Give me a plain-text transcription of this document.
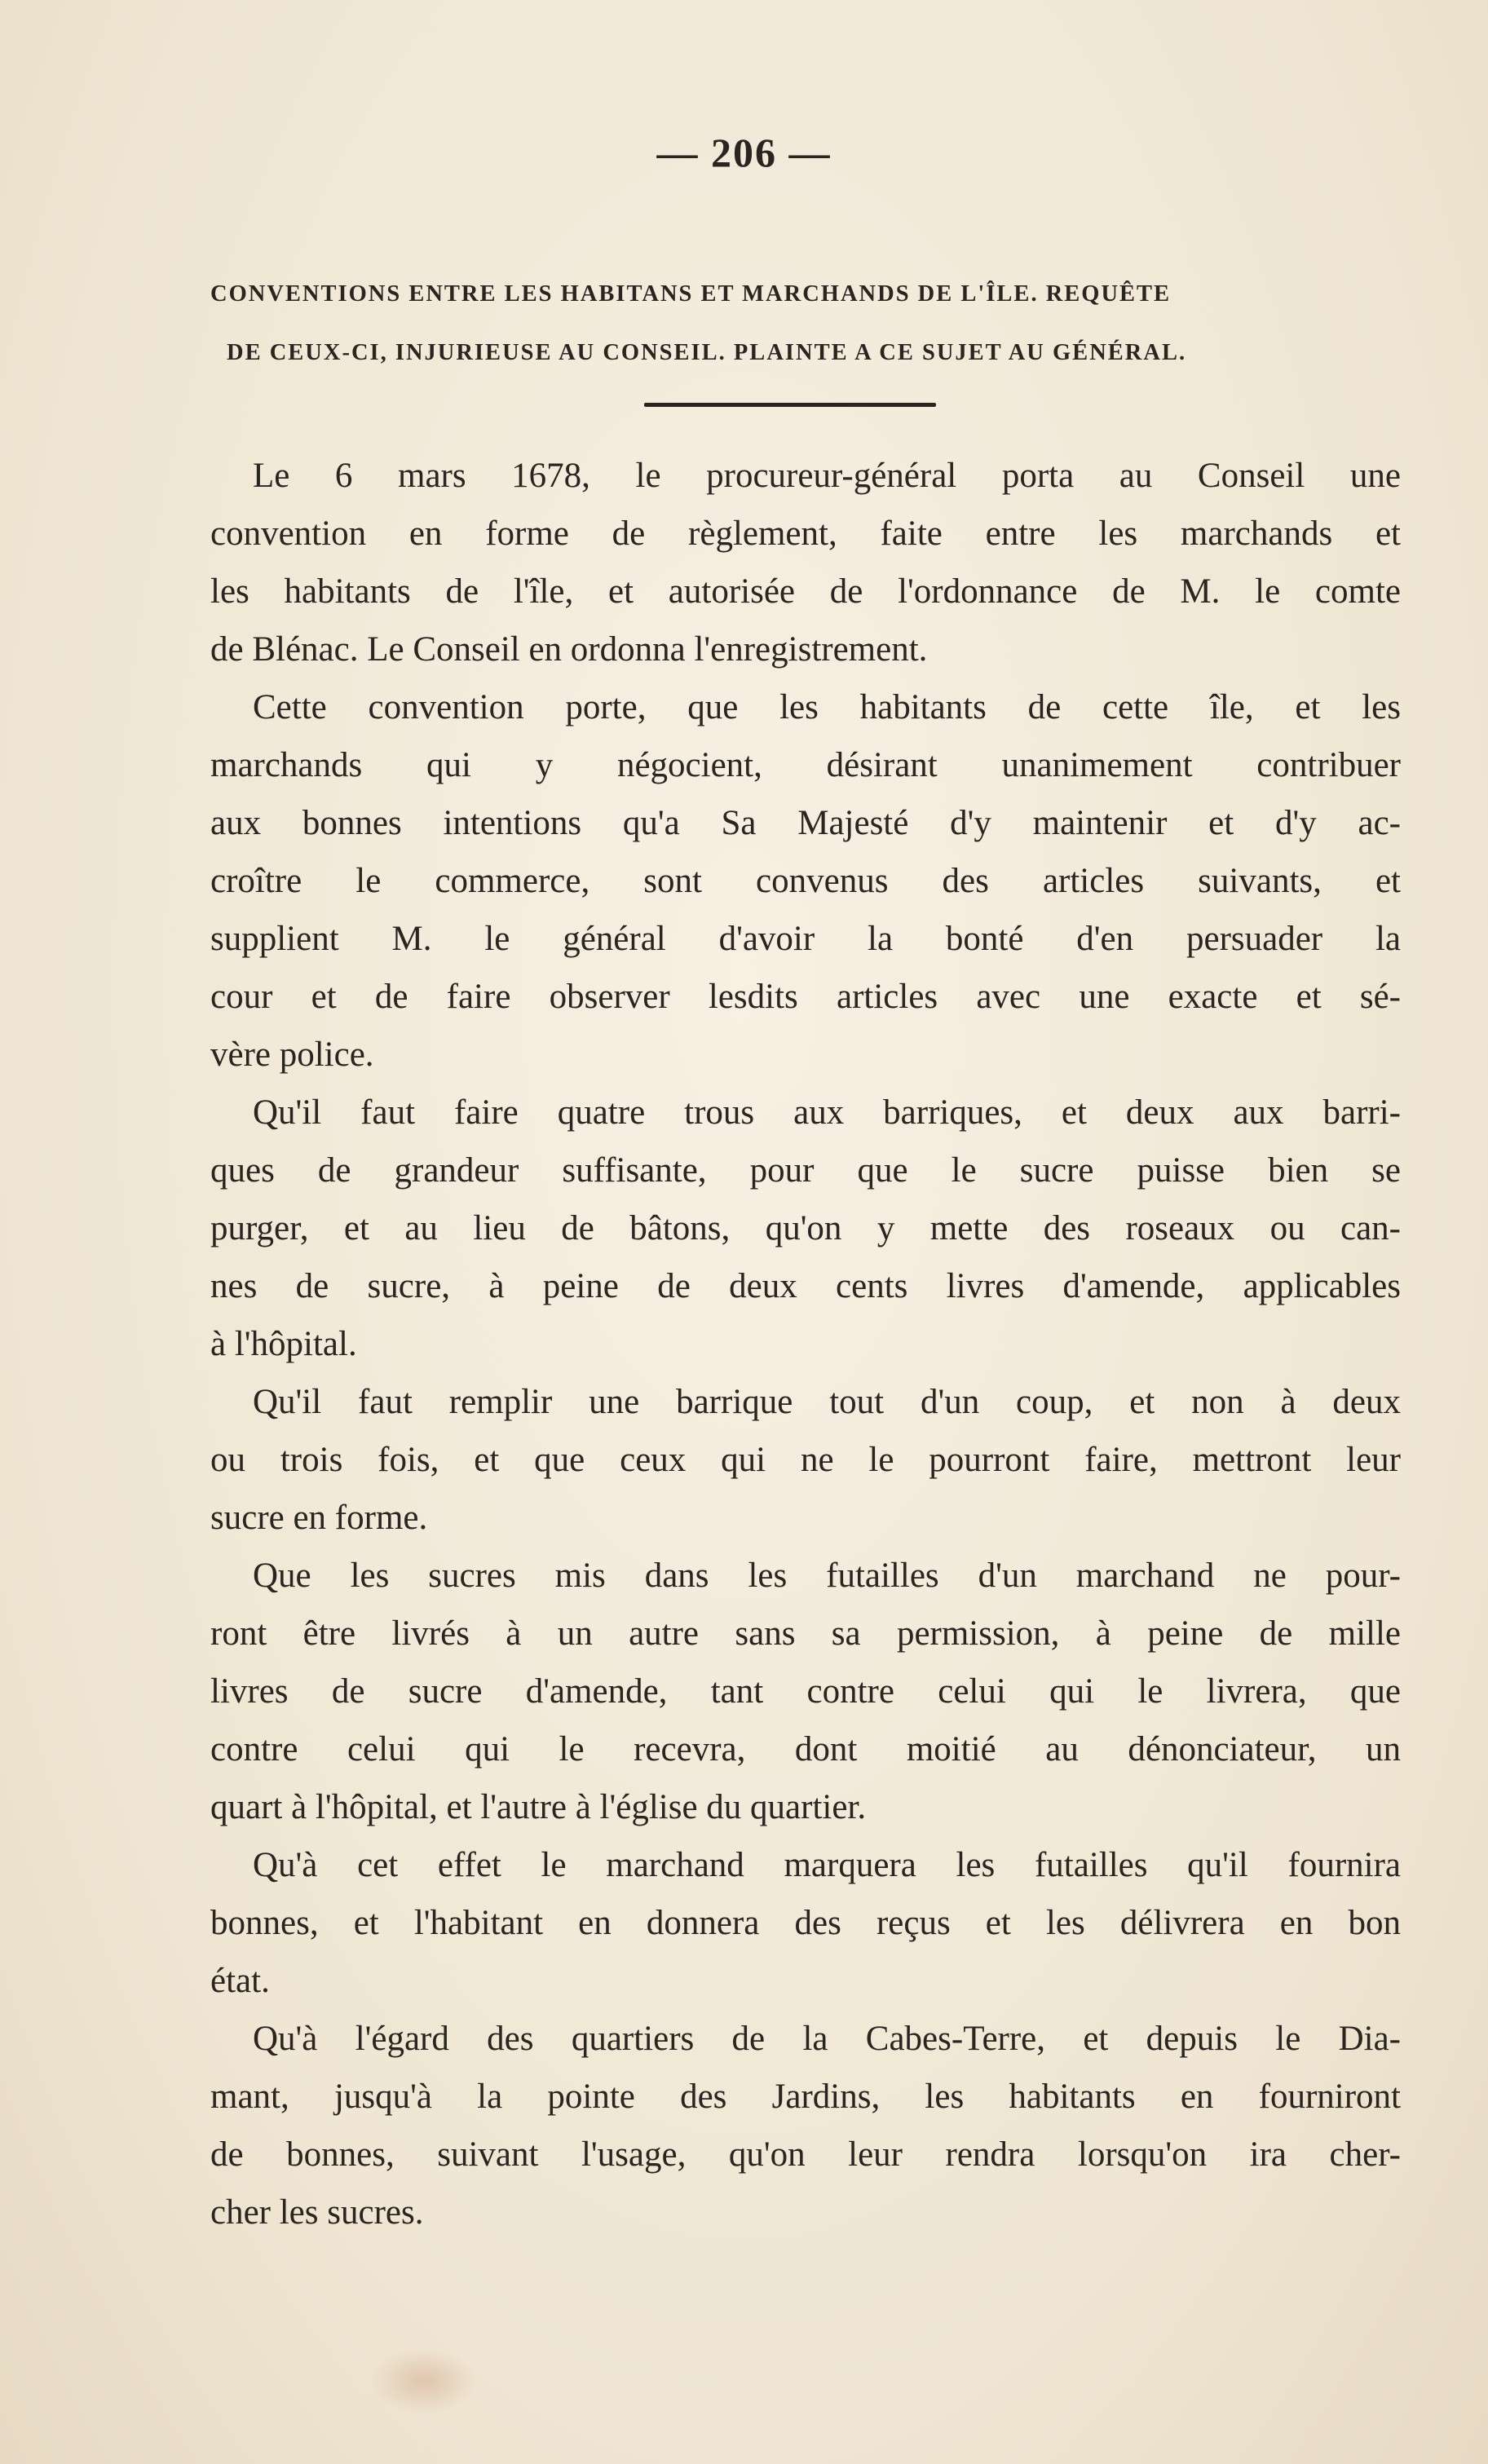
— 206 —
CONVENTIONS ENTRE LES HABITANS ET MARCHANDS DE L'ÎLE. REQUÊTE
DE CEUX-CI, INJURIEUSE AU CONSEIL. PLAINTE A CE SUJET AU GÉNÉRAL.
Le 6 mars 1678, le procureur-général porta au Conseil une
convention en forme de règlement, faite entre les marchands et
les habitants de l'île, et autorisée de l'ordonnance de M. le comte
de Blénac. Le Conseil en ordonna l'enregistrement.
Cette convention porte, que les habitants de cette île, et les
marchands qui y négocient, désirant unanimement contribuer
aux bonnes intentions qu'a Sa Majesté d'y maintenir et d'y ac-
croître le commerce, sont convenus des articles suivants, et
supplient M. le général d'avoir la bonté d'en persuader la
cour et de faire observer lesdits articles avec une exacte et sé-
vère police.
Qu'il faut faire quatre trous aux barriques, et deux aux barri-
ques de grandeur suffisante, pour que le sucre puisse bien se
purger, et au lieu de bâtons, qu'on y mette des roseaux ou can-
nes de sucre, à peine de deux cents livres d'amende, applicables
à l'hôpital.
Qu'il faut remplir une barrique tout d'un coup, et non à deux
ou trois fois, et que ceux qui ne le pourront faire, mettront leur
sucre en forme.
Que les sucres mis dans les futailles d'un marchand ne pour-
ront être livrés à un autre sans sa permission, à peine de mille
livres de sucre d'amende, tant contre celui qui le livrera, que
contre celui qui le recevra, dont moitié au dénonciateur, un
quart à l'hôpital, et l'autre à l'église du quartier.
Qu'à cet effet le marchand marquera les futailles qu'il fournira
bonnes, et l'habitant en donnera des reçus et les délivrera en bon
état.
Qu'à l'égard des quartiers de la Cabes-Terre, et depuis le Dia-
mant, jusqu'à la pointe des Jardins, les habitants en fourniront
de bonnes, suivant l'usage, qu'on leur rendra lorsqu'on ira cher-
cher les sucres.
